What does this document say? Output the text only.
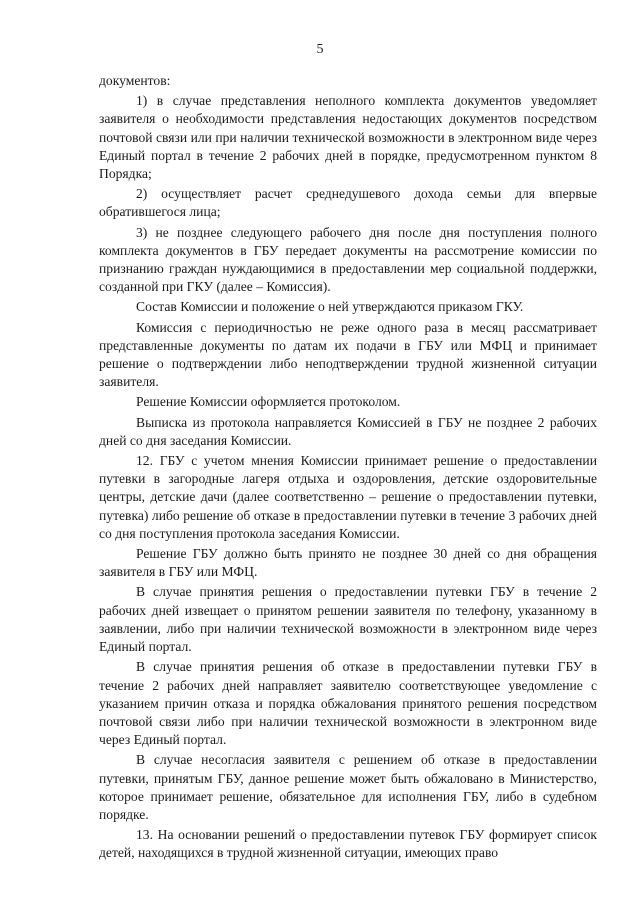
5

документов:

1) в случае представления неполного комплекта документов уведомляет заявителя о необходимости представления недостающих документов посредством почтовой связи или при наличии технической возможности в электронном виде через Единый портал в течение 2 рабочих дней в порядке, предусмотренном пунктом 8 Порядка;

2) осуществляет расчет среднедушевого дохода семьи для впервые обратившегося лица;

3) не позднее следующего рабочего дня после дня поступления полного комплекта документов в ГБУ передает документы на рассмотрение комиссии по признанию граждан нуждающимися в предоставлении мер социальной поддержки, созданной при ГКУ (далее – Комиссия).

Состав Комиссии и положение о ней утверждаются приказом ГКУ.

Комиссия с периодичностью не реже одного раза в месяц рассматривает представленные документы по датам их подачи в ГБУ или МФЦ и принимает решение о подтверждении либо неподтверждении трудной жизненной ситуации заявителя.

Решение Комиссии оформляется протоколом.

Выписка из протокола направляется Комиссией в ГБУ не позднее 2 рабочих дней со дня заседания Комиссии.

12. ГБУ с учетом мнения Комиссии принимает решение о предоставлении путевки в загородные лагеря отдыха и оздоровления, детские оздоровительные центры, детские дачи (далее соответственно – решение о предоставлении путевки, путевка) либо решение об отказе в предоставлении путевки в течение 3 рабочих дней со дня поступления протокола заседания Комиссии.

Решение ГБУ должно быть принято не позднее 30 дней со дня обращения заявителя в ГБУ или МФЦ.

В случае принятия решения о предоставлении путевки ГБУ в течение 2 рабочих дней извещает о принятом решении заявителя по телефону, указанному в заявлении, либо при наличии технической возможности в электронном виде через Единый портал.

В случае принятия решения об отказе в предоставлении путевки ГБУ в течение 2 рабочих дней направляет заявителю соответствующее уведомление с указанием причин отказа и порядка обжалования принятого решения посредством почтовой связи либо при наличии технической возможности в электронном виде через Единый портал.

В случае несогласия заявителя с решением об отказе в предоставлении путевки, принятым ГБУ, данное решение может быть обжаловано в Министерство, которое принимает решение, обязательное для исполнения ГБУ, либо в судебном порядке.

13. На основании решений о предоставлении путевок ГБУ формирует список детей, находящихся в трудной жизненной ситуации, имеющих право
